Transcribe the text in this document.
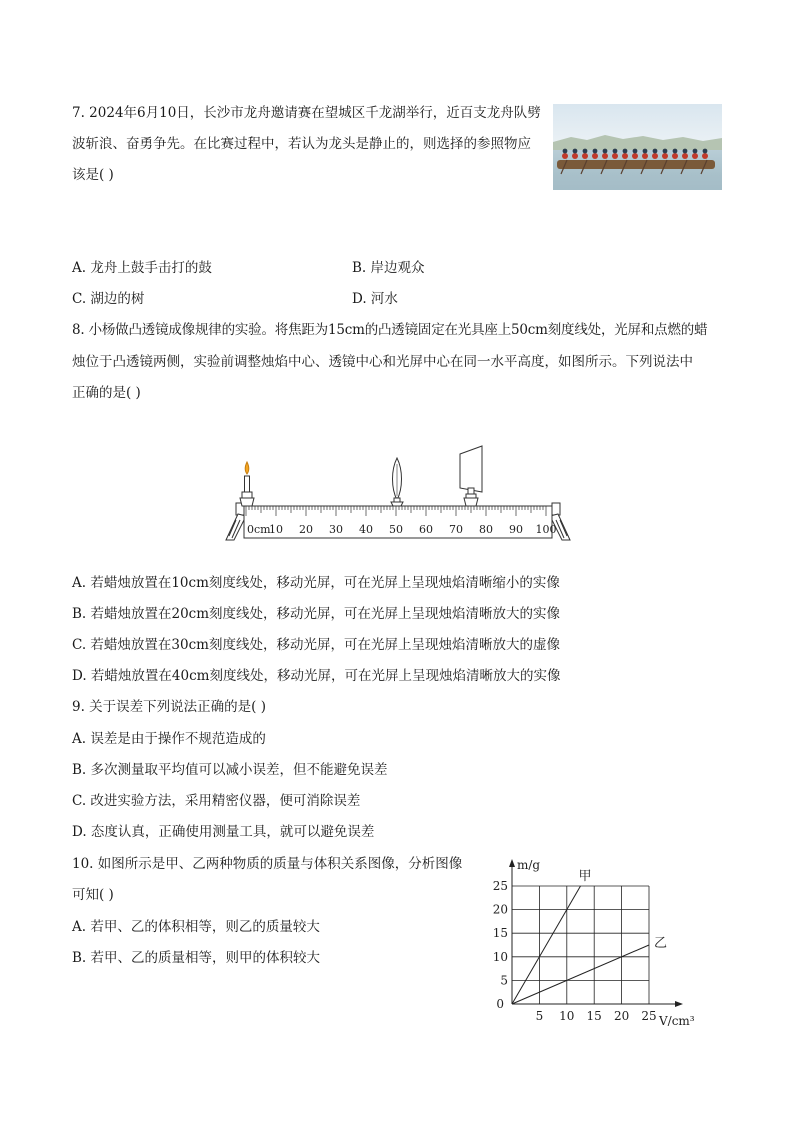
7. 2024年6月10日，长沙市龙舟邀请赛在望城区千龙湖举行，近百支龙舟队劈
波斩浪、奋勇争先。在比赛过程中，若认为龙头是静止的，则选择的参照物应
该是( )
A. 龙舟上鼓手击打的鼓	B. 岸边观众
C. 湖边的树	D. 河水
8. 小杨做凸透镜成像规律的实验。将焦距为15cm的凸透镜固定在光具座上50cm刻度线处，光屏和点燃的蜡
烛位于凸透镜两侧，实验前调整烛焰中心、透镜中心和光屏中心在同一水平高度，如图所示。下列说法中
正确的是( )
0cm
10 20 30 40 50 60 70 80 90 100
A. 若蜡烛放置在10cm刻度线处，移动光屏，可在光屏上呈现烛焰清晰缩小的实像
B. 若蜡烛放置在20cm刻度线处，移动光屏，可在光屏上呈现烛焰清晰放大的实像
C. 若蜡烛放置在30cm刻度线处，移动光屏，可在光屏上呈现烛焰清晰放大的虚像
D. 若蜡烛放置在40cm刻度线处，移动光屏，可在光屏上呈现烛焰清晰放大的实像
9. 关于误差下列说法正确的是( )
A. 误差是由于操作不规范造成的
B. 多次测量取平均值可以减小误差，但不能避免误差
C. 改进实验方法，采用精密仪器，便可消除误差
D. 态度认真，正确使用测量工具，就可以避免误差
10. 如图所示是甲、乙两种物质的质量与体积关系图像，分析图像
可知( )
A. 若甲、乙的体积相等，则乙的质量较大
B. 若甲、乙的质量相等，则甲的体积较大
5 10 15 20 25
5
10
15
20
25
0
m/g
V/cm³
甲
乙
